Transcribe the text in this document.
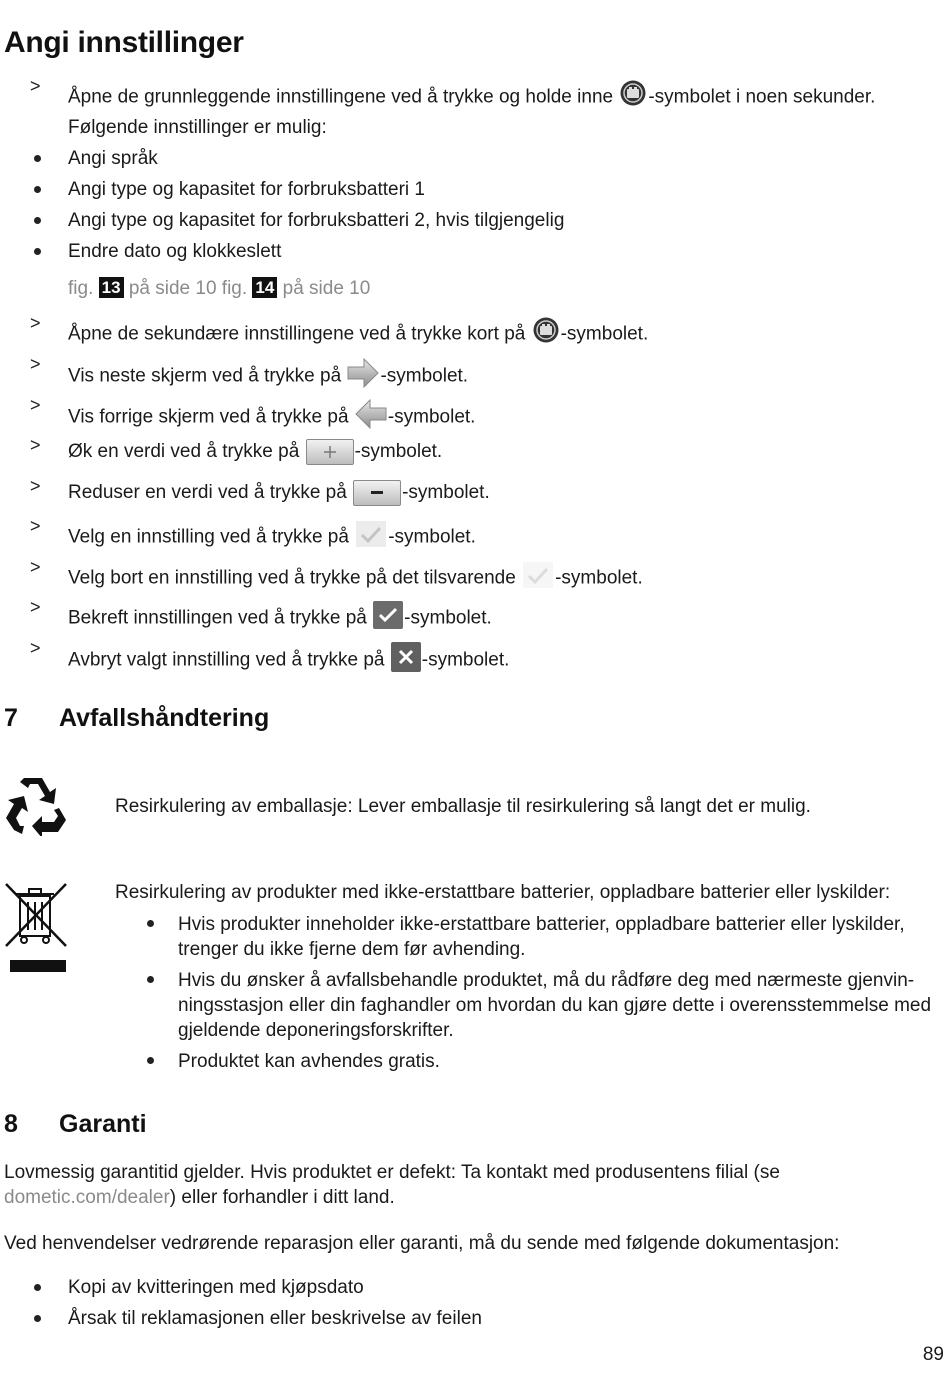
Angi innstillinger
>
Åpne de grunnleggende innstillingene ved å trykke og holde inne -symbolet i noen sekunder.
Følgende innstillinger er mulig:
Angi språk
Angi type og kapasitet for forbruksbatteri 1
Angi type og kapasitet for forbruksbatteri 2, hvis tilgjengelig
Endre dato og klokkeslett
fig. 13 på side 10 fig. 14 på side 10
>
Åpne de sekundære innstillingene ved å trykke kort på -symbolet.
>
Vis neste skjerm ved å trykke på -symbolet.
>
Vis forrige skjerm ved å trykke på -symbolet.
> Øk en verdi ved å trykke på	-symbolet.
> Reduser en verdi ved å trykke på	-symbolet.
>
Velg en innstilling ved å trykke på -symbolet.
>
Velg bort en innstilling ved å trykke på det tilsvarende -symbolet.
>
Bekreft innstillingen ved å trykke på -symbolet.
>
Avbryt valgt innstilling ved å trykke på -symbolet.
7 Avfallshåndtering
Resirkulering av emballasje: Lever emballasje til resirkulering så langt det er mulig.
Resirkulering av produkter med ikke-erstattbare batterier, oppladbare batterier eller lyskilder:
Hvis produkter inneholder ikke-erstattbare batterier, oppladbare batterier eller lyskilder, trenger du ikke fjerne dem før avhending.
Hvis du ønsker å avfallsbehandle produktet, må du rådføre deg med nærmeste gjenvin-ningsstasjon eller din faghandler om hvordan du kan gjøre dette i overensstemmelse med gjeldende deponeringsforskrifter.
Produktet kan avhendes gratis.
8 Garanti
Lovmessig garantitid gjelder. Hvis produktet er defekt: Ta kontakt med produsentens filial (se dometic.com/dealer) eller forhandler i ditt land.
Ved henvendelser vedrørende reparasjon eller garanti, må du sende med følgende dokumentasjon:
Kopi av kvitteringen med kjøpsdato
Årsak til reklamasjonen eller beskrivelse av feilen
89
